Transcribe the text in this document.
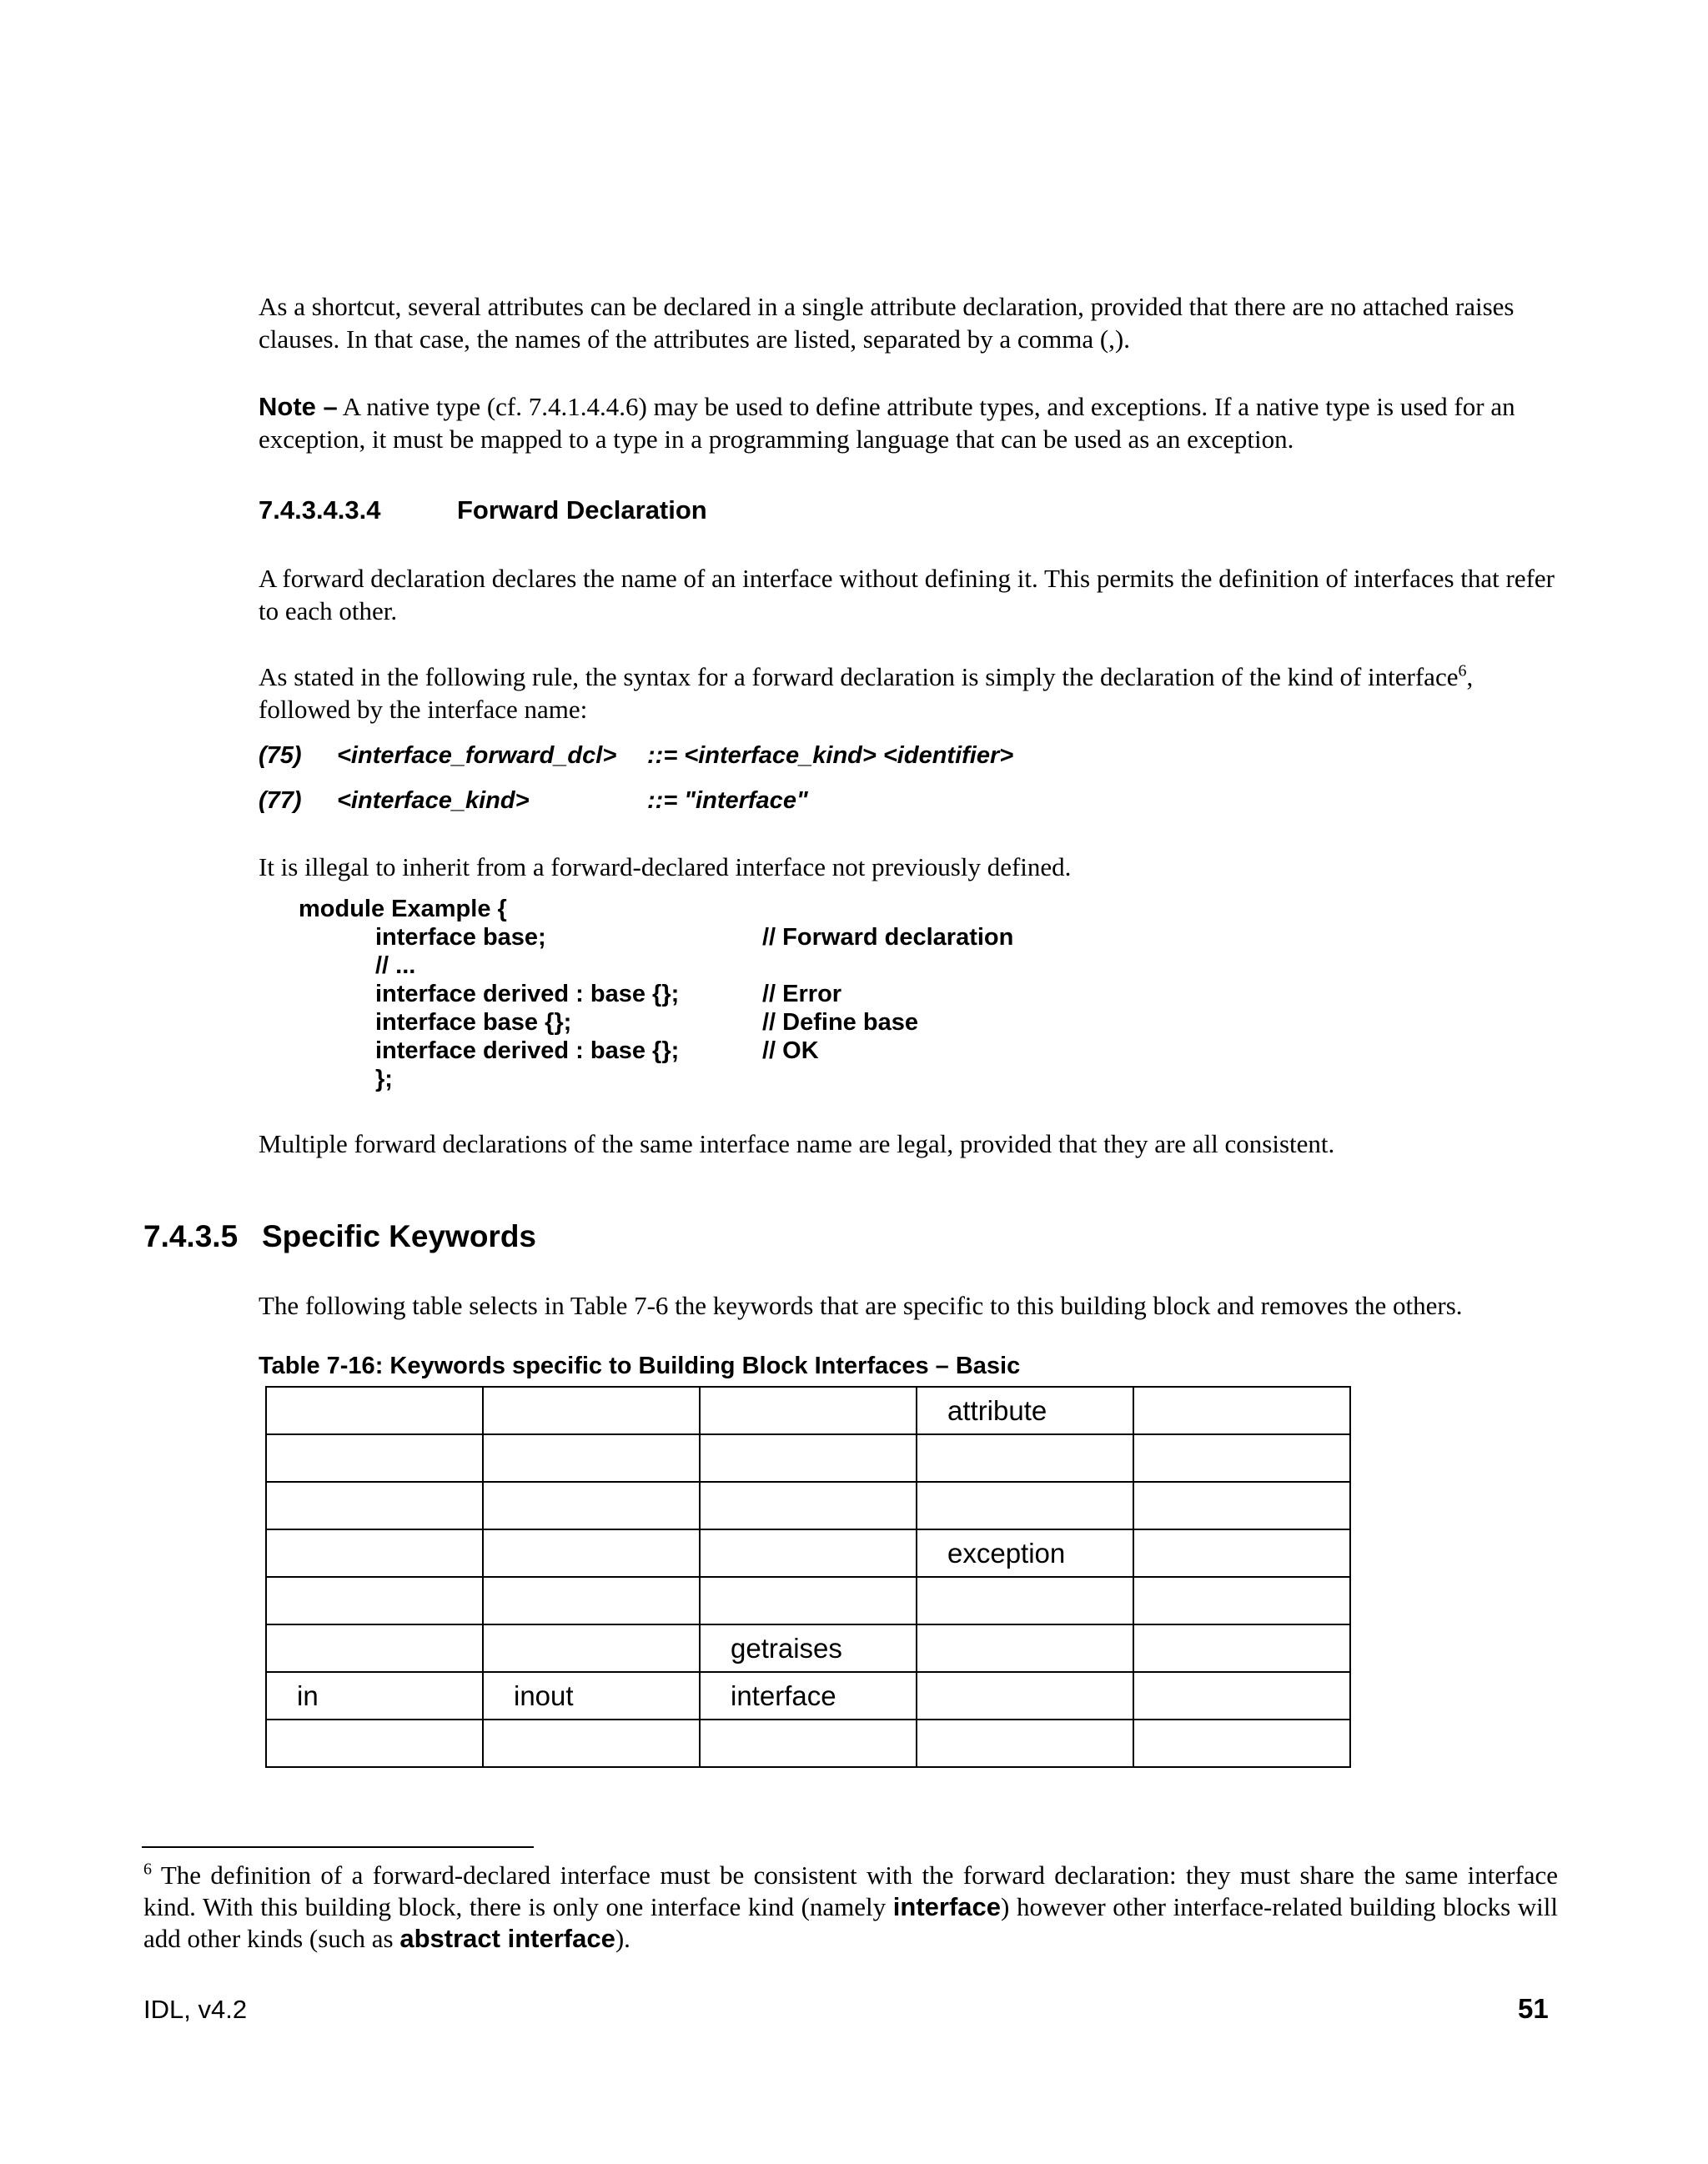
As a shortcut, several attributes can be declared in a single attribute declaration, provided that there are no attached raises clauses. In that case, the names of the attributes are listed, separated by a comma (,).
Note – A native type (cf. 7.4.1.4.4.6) may be used to define attribute types, and exceptions. If a native type is used for an exception, it must be mapped to a type in a programming language that can be used as an exception.
7.4.3.4.3.4	Forward Declaration
A forward declaration declares the name of an interface without defining it. This permits the definition of interfaces that refer to each other.
As stated in the following rule, the syntax for a forward declaration is simply the declaration of the kind of interface$^6$, followed by the interface name:
(75) <interface_forward_dcl> ::= <interface_kind> <identifier>
(77) <interface_kind>	::= "interface"
It is illegal to inherit from a forward-declared interface not previously defined.
module Example {
interface base;	// Forward declaration
// ...
interface derived : base {};	// Error
interface base {};	// Define base
interface derived : base {};	// OK
};
Multiple forward declarations of the same interface name are legal, provided that they are all consistent.
7.4.3.5 Specific Keywords
The following table selects in Table 7-6 the keywords that are specific to this building block and removes the others.
Table 7-16: Keywords specific to Building Block Interfaces – Basic
			attribute	

			exception	

		getraises		
in	inout	interface		

$^6$ The definition of a forward-declared interface must be consistent with the forward declaration: they must share the same interface kind. With this building block, there is only one interface kind (namely interface) however other interface-related building blocks will add other kinds (such as abstract interface).
IDL, v4.2	51
